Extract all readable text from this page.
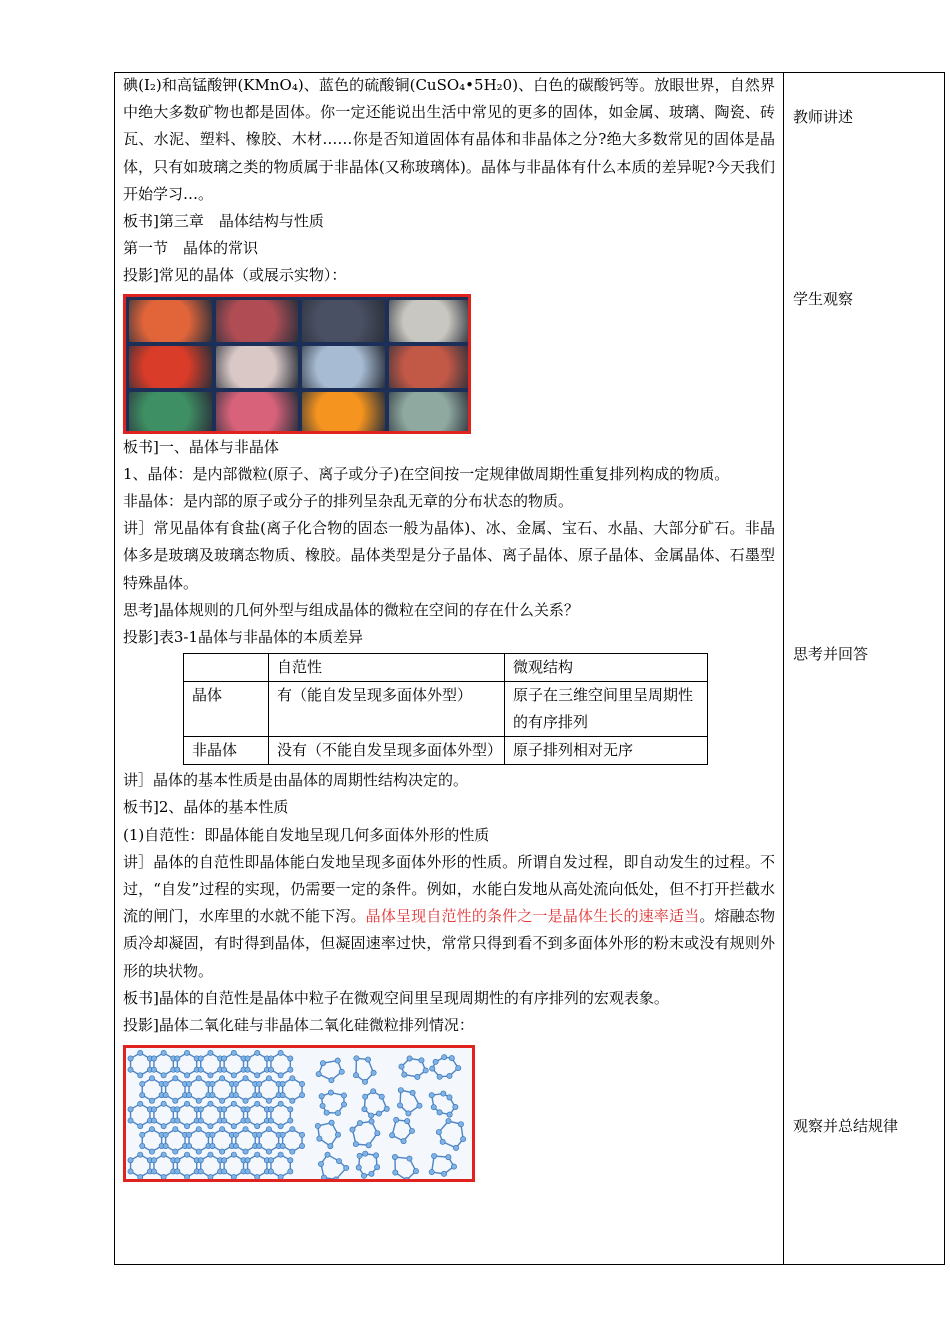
碘(I₂)和高锰酸钾(KMnO₄)、蓝色的硫酸铜(CuSO₄•5H₂0)、白色的碳酸钙等。放眼世界，自然界中绝大多数矿物也都是固体。你一定还能说出生活中常见的更多的固体，如金属、玻璃、陶瓷、砖瓦、水泥、塑料、橡胶、木材……你是否知道固体有晶体和非晶体之分?绝大多数常见的固体是晶体，只有如玻璃之类的物质属于非晶体(又称玻璃体)。晶体与非晶体有什么本质的差异呢?今天我们开始学习…。

板书]第三章　晶体结构与性质

第一节　晶体的常识

投影]常见的晶体（或展示实物）：

板书]一、晶体与非晶体

1、晶体：是内部微粒(原子、离子或分子)在空间按一定规律做周期性重复排列构成的物质。

非晶体：是内部的原子或分子的排列呈杂乱无章的分布状态的物质。

讲］常见晶体有食盐(离子化合物的固态一般为晶体)、冰、金属、宝石、水晶、大部分矿石。非晶体多是玻璃及玻璃态物质、橡胶。晶体类型是分子晶体、离子晶体、原子晶体、金属晶体、石墨型特殊晶体。

思考]晶体规则的几何外型与组成晶体的微粒在空间的存在什么关系？

投影]表3-1晶体与非晶体的本质差异

	自范性	微观结构
晶体	有（能自发呈现多面体外型）	原子在三维空间里呈周期性的有序排列
非晶体	没有（不能自发呈现多面体外型）	原子排列相对无序

讲］晶体的基本性质是由晶体的周期性结构决定的。

板书]2、晶体的基本性质

(1)自范性：即晶体能自发地呈现几何多面体外形的性质

讲］晶体的自范性即晶体能白发地呈现多面体外形的性质。所谓自发过程，即自动发生的过程。不过，“自发”过程的实现，仍需要一定的条件。例如，水能白发地从高处流向低处，但不打开拦截水流的闸门，水库里的水就不能下泻。晶体呈现自范性的条件之一是晶体生长的速率适当。熔融态物质冷却凝固，有时得到晶体，但凝固速率过快，常常只得到看不到多面体外形的粉末或没有规则外形的块状物。

板书]晶体的自范性是晶体中粒子在微观空间里呈现周期性的有序排列的宏观表象。

投影]晶体二氧化硅与非晶体二氧化硅微粒排列情况：

教师讲述
学生观察
思考并回答
观察并总结规律
